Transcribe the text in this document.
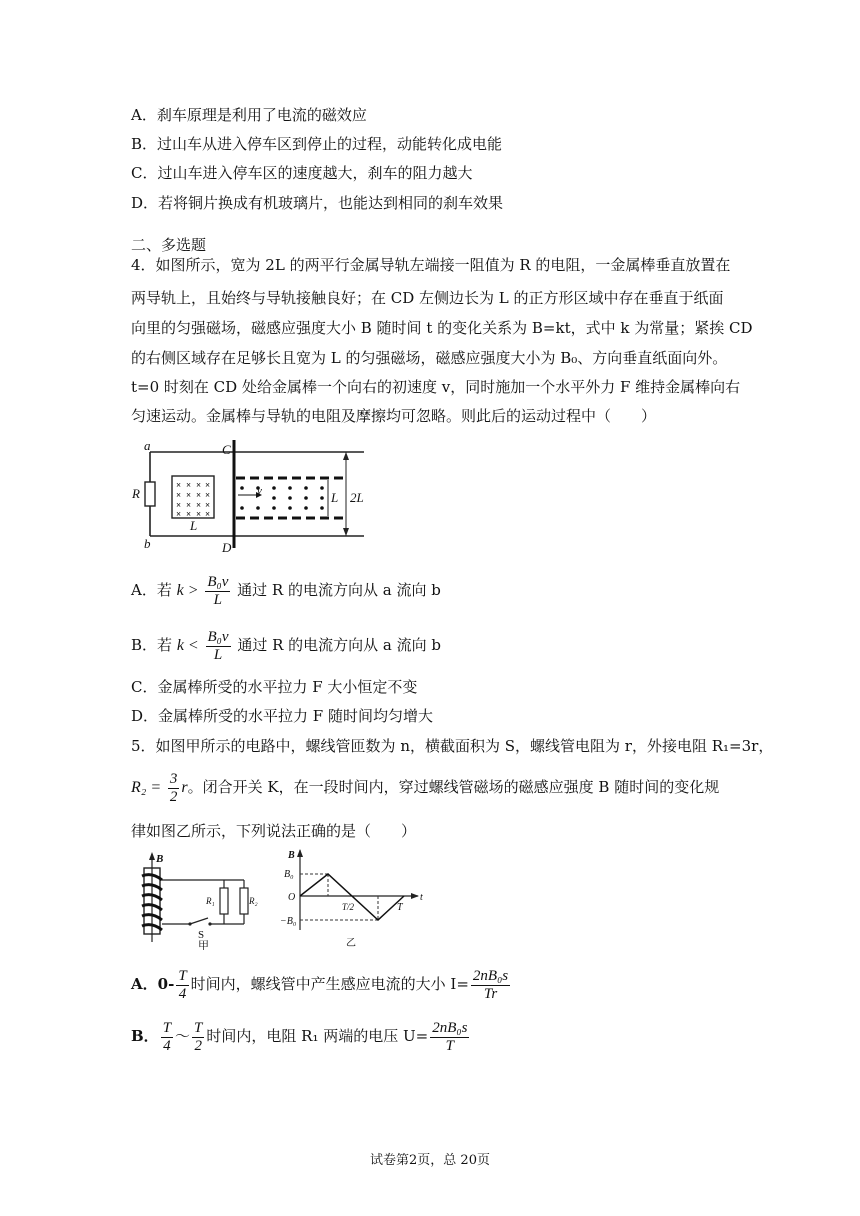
A．刹车原理是利用了电流的磁效应
B．过山车从进入停车区到停止的过程，动能转化成电能
C．过山车进入停车区的速度越大，刹车的阻力越大
D．若将铜片换成有机玻璃片，也能达到相同的刹车效果
二、多选题
4．如图所示，宽为 2L 的两平行金属导轨左端接一阻值为 R 的电阻，一金属棒垂直放置在
两导轨上，且始终与导轨接触良好；在 CD 左侧边长为 L 的正方形区域中存在垂直于纸面
向里的匀强磁场，磁感应强度大小 B 随时间 t 的变化关系为 B=kt，式中 k 为常量；紧挨 CD
的右侧区域存在足够长且宽为 L 的匀强磁场，磁感应强度大小为 B₀、方向垂直纸面向外。
t=0 时刻在 CD 处给金属棒一个向右的初速度 v，同时施加一个水平外力 F 维持金属棒向右
匀速运动。金属棒与导轨的电阻及摩擦均可忽略。则此后的运动过程中（　　）
× × × ×
× × × ×
× × × ×
× × × ×
a
b
C
D
R
L
v	L 2L
A．若 $k > \frac{\text{B₀v}}{L}$ 通过 R 的电流方向从 a 流向 b
B．若 $k < \frac{\text{B₀v}}{L}$ 通过 R 的电流方向从 a 流向 b
C．金属棒所受的水平拉力 F 大小恒定不变
D．金属棒所受的水平拉力 F 随时间均匀增大
5．如图甲所示的电路中，螺线管匝数为 n，横截面积为 S，螺线管电阻为 r，外接电阻 R₁=3r，
$R_2 = \frac{3}{2}$ r。闭合开关 K，在一段时间内，穿过螺线管磁场的磁感应强度 B 随时间的变化规
律如图乙所示，下列说法正确的是（　　）
B
R₁	R₂
S
甲
B
B₀
O
−B₀
T/2	T
t
乙
A．$0- \frac{T}{4}$ 时间内，螺线管中产生感应电流的大小 $I= \frac{\text{2nB₀s}}{Tr}$
B． $\frac{T}{4}$ ～ $\frac{T}{2}$ 时间内，电阻 R₁ 两端的电压 $U= \frac{\text{2nB₀s}}{T}$
试卷第2页，总 20页
